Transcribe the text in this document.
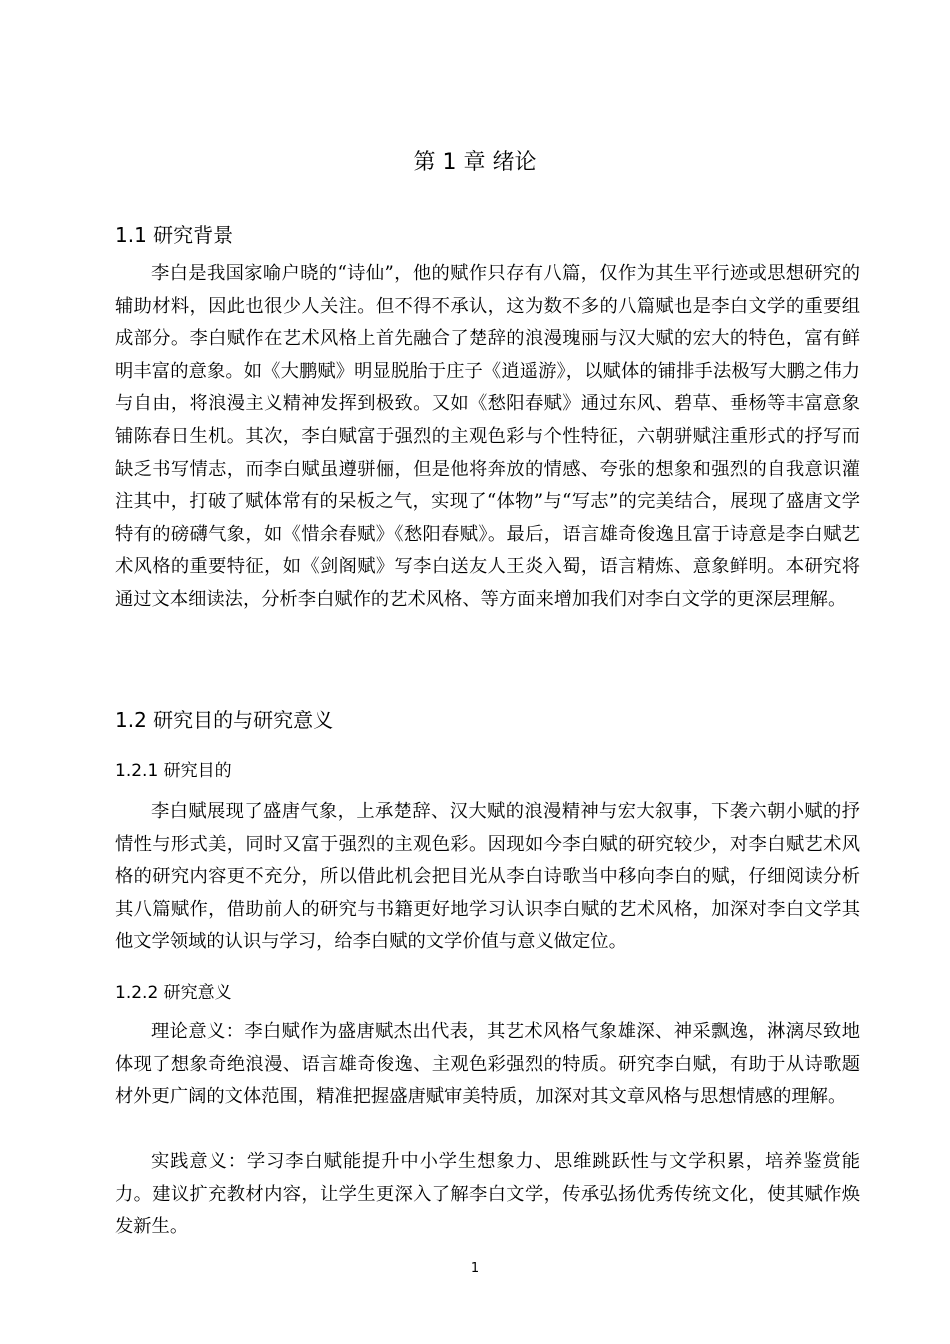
第 1 章 绪论
1.1 研究背景

李白是我国家喻户晓的“诗仙”，他的赋作只存有八篇，仅作为其生平行迹或思想研究的辅助材料，因此也很少人关注。但不得不承认，这为数不多的八篇赋也是李白文学的重要组成部分。李白赋作在艺术风格上首先融合了楚辞的浪漫瑰丽与汉大赋的宏大的特色，富有鲜明丰富的意象。如《大鹏赋》明显脱胎于庄子《逍遥游》，以赋体的铺排手法极写大鹏之伟力与自由，将浪漫主义精神发挥到极致。又如《愁阳春赋》通过东风、碧草、垂杨等丰富意象铺陈春日生机。其次，李白赋富于强烈的主观色彩与个性特征，六朝骈赋注重形式的抒写而缺乏书写情志，而李白赋虽遵骈俪，但是他将奔放的情感、夸张的想象和强烈的自我意识灌注其中，打破了赋体常有的呆板之气，实现了“体物”与“写志”的完美结合，展现了盛唐文学特有的磅礴气象，如《惜余春赋》《愁阳春赋》。最后，语言雄奇俊逸且富于诗意是李白赋艺术风格的重要特征，如《剑阁赋》写李白送友人王炎入蜀，语言精炼、意象鲜明。本研究将通过文本细读法，分析李白赋作的艺术风格、等方面来增加我们对李白文学的更深层理解。

1.2 研究目的与研究意义
1.2.1 研究目的

李白赋展现了盛唐气象，上承楚辞、汉大赋的浪漫精神与宏大叙事，下袭六朝小赋的抒情性与形式美，同时又富于强烈的主观色彩。因现如今李白赋的研究较少，对李白赋艺术风格的研究内容更不充分，所以借此机会把目光从李白诗歌当中移向李白的赋，仔细阅读分析其八篇赋作，借助前人的研究与书籍更好地学习认识李白赋的艺术风格，加深对李白文学其他文学领域的认识与学习，给李白赋的文学价值与意义做定位。

1.2.2 研究意义

理论意义：李白赋作为盛唐赋杰出代表，其艺术风格气象雄深、神采飘逸，淋漓尽致地体现了想象奇绝浪漫、语言雄奇俊逸、主观色彩强烈的特质。研究李白赋，有助于从诗歌题材外更广阔的文体范围，精准把握盛唐赋审美特质，加深对其文章风格与思想情感的理解。

实践意义：学习李白赋能提升中小学生想象力、思维跳跃性与文学积累，培养鉴赏能力。建议扩充教材内容，让学生更深入了解李白文学，传承弘扬优秀传统文化，使其赋作焕发新生。

1
